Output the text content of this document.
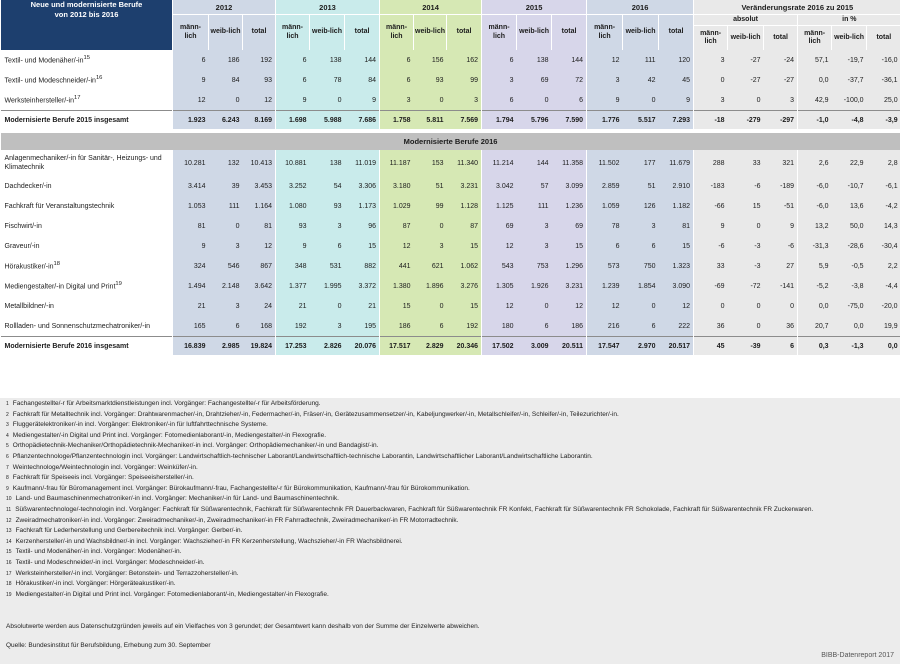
Neue und modernisierte Berufe
von 2012 bis 2016	2012			2013			2014			2015			2016			Veränderungsrate 2016 zu 2015					
	männ-lich	weib-lich	total	männ-lich	weib-lich	total	männ-lich	weib-lich	total	männ-lich	weib-lich	total	männ-lich	weib-lich	total	absolut			in %		
																männ-lich	weib-lich	total	männ-lich	weib-lich	total
Textil- und Modenäher/$-in^{15}$	6	186	192	6	138	144	6	156	162	6	138	144	12	111	120	3	-27	-24	57,1	-19,7	-16,0
Textil- und Modeschneider/$-in^{16}$	9	84	93	6	78	84	6	93	99	3	69	72	3	42	45	0	-27	-27	0,0	-37,7	-36,1
Werksteinhersteller/$-in^{17}$	12	0	12	9	0	9	3	0	3	6	0	6	9	0	9	3	0	3	42,9	-100,0	25,0
Modernisierte Berufe 2015 insgesamt	1.923	6.243	8.169	1.698	5.988	7.686	1.758	5.811	7.569	1.794	5.796	7.590	1.776	5.517	7.293	-18	-279	-297	-1,0	-4,8	-3,9

Modernisierte Berufe 2016																					
Anlagenmechaniker/-in für Sanitär-, Heizungs- und Klimatechnik	10.281	132	10.413	10.881	138	11.019	11.187	153	11.340	11.214	144	11.358	11.502	177	11.679	288	33	321	2,6	22,9	2,8
Dachdecker/-in	3.414	39	3.453	3.252	54	3.306	3.180	51	3.231	3.042	57	3.099	2.859	51	2.910	-183	-6	-189	-6,0	-10,7	-6,1
Fachkraft für Veranstaltungstechnik	1.053	111	1.164	1.080	93	1.173	1.029	99	1.128	1.125	111	1.236	1.059	126	1.182	-66	15	-51	-6,0	13,6	-4,2
Fischwirt/-in	81	0	81	93	3	96	87	0	87	69	3	69	78	3	81	9	0	9	13,2	50,0	14,3
Graveur/-in	9	3	12	9	6	15	12	3	15	12	3	15	6	6	15	-6	-3	-6	-31,3	-28,6	-30,4
Hörakustiker/$-in^{18}$	324	546	867	348	531	882	441	621	1.062	543	753	1.296	573	750	1.323	33	-3	27	5,9	-0,5	2,2
Mediengestalter/-in Digital und Print$^{19}$	1.494	2.148	3.642	1.377	1.995	3.372	1.380	1.896	3.276	1.305	1.926	3.231	1.239	1.854	3.090	-69	-72	-141	-5,2	-3,8	-4,4
Metallbildner/-in	21	3	24	21	0	21	15	0	15	12	0	12	12	0	12	0	0	0	0,0	-75,0	-20,0
Rollladen- und Sonnenschutzmechatroniker/-in	165	6	168	192	3	195	186	6	192	180	6	186	216	6	222	36	0	36	20,7	0,0	19,9
Modernisierte Berufe 2016 insgesamt	16.839	2.985	19.824	17.253	2.826	20.076	17.517	2.829	20.346	17.502	3.009	20.511	17.547	2.970	20.517	45	-39	6	0,3	-1,3	0,0
$^1$ Fachangestellte/-r für Arbeitsmarktdienstleistungen incl. Vorgänger: Fachangestellte/-r für Arbeitsförderung.
$^2$ Fachkraft für Metalltechnik incl. Vorgänger: Drahtwarenmacher/-in, Drahtzieher/-in, Federmacher/-in, Fräser/-in, Gerätezusammensetzer/-in, Kabeljungwerker/-in, Metallschleifer/-in, Schleifer/-in, Teilezurichter/-in.
$^3$ Fluggerätelektroniker/-in incl. Vorgänger: Elektroniker/-in für luftfahrttechnische Systeme.
$^4$ Mediengestalter/-in Digital und Print incl. Vorgänger: Fotomedienlaborant/-in, Mediengestalter/-in Flexografie.
$^5$ Orthopädietechnik-Mechaniker/Orthopädietechnik-Mechaniker/-in incl. Vorgänger: Orthopädiemechaniker/-in und Bandagist/-in.
$^6$ Pflanzentechnologe/Pflanzentechnologin incl. Vorgänger: Landwirtschaftlich-technischer Laborant/Landwirtschaftlich-technische Laborantin, Landwirtschaftlicher Laborant/Landwirtschaftliche Laborantin.
$^7$ Weintechnologe/Weintechnologin incl. Vorgänger: Weinküfer/-in.
$^8$ Fachkraft für Speiseeis incl. Vorgänger: Speiseeishersteller/-in.
$^9$ Kaufmann/-frau für Büromanagement incl. Vorgänger: Bürokaufmann/-frau, Fachangestellte/-r für Bürokommunikation, Kaufmann/-frau für Bürokommunikation.
$^{10}$ Land- und Baumaschinenmechatroniker/-in incl. Vorgänger: Mechaniker/-in für Land- und Baumaschinentechnik.
$^{11}$ Süßwarentechnologe/-technologin incl. Vorgänger: Fachkraft für Süßwarentechnik, Fachkraft für Süßwarentechnik FR Dauerbackwaren, Fachkraft für Süßwarentechnik FR Konfekt, Fachkraft für Süßwarentechnik FR Schokolade, Fachkraft für Süßwarentechnik FR Zuckerwaren.
$^{12}$ Zweiradmechatroniker/-in incl. Vorgänger: Zweiradmechaniker/-in, Zweiradmechaniker/-in FR Fahrradtechnik, Zweiradmechaniker/-in FR Motorradtechnik.
$^{13}$ Fachkraft für Lederherstellung und Gerbereitechnik incl. Vorgänger: Gerber/-in.
$^{14}$ Kerzenhersteller/-in und Wachsbildner/-in incl. Vorgänger: Wachszieher/-in FR Kerzenherstellung, Wachszieher/-in FR Wachsbildnerei.
$^{15}$ Textil- und Modenäher/-in incl. Vorgänger: Modenäher/-in.
$^{16}$ Textil- und Modeschneider/-in incl. Vorgänger: Modeschneider/-in.
$^{17}$ Werksteinhersteller/-in incl. Vorgänger: Betonstein- und Terrazzohersteller/-in.
$^{18}$ Hörakustiker/-in incl. Vorgänger: Hörgeräteakustiker/-in.
$^{19}$ Mediengestalter/-in Digital und Print incl. Vorgänger: Fotomedienlaborant/-in, Mediengestalter/-in Flexografie.
Absolutwerte werden aus Datenschutzgründen jeweils auf ein Vielfaches von 3 gerundet; der Gesamtwert kann deshalb von der Summe der Einzelwerte abweichen.
Quelle: Bundesinstitut für Berufsbildung, Erhebung zum 30. September
BIBB-Datenreport 2017
